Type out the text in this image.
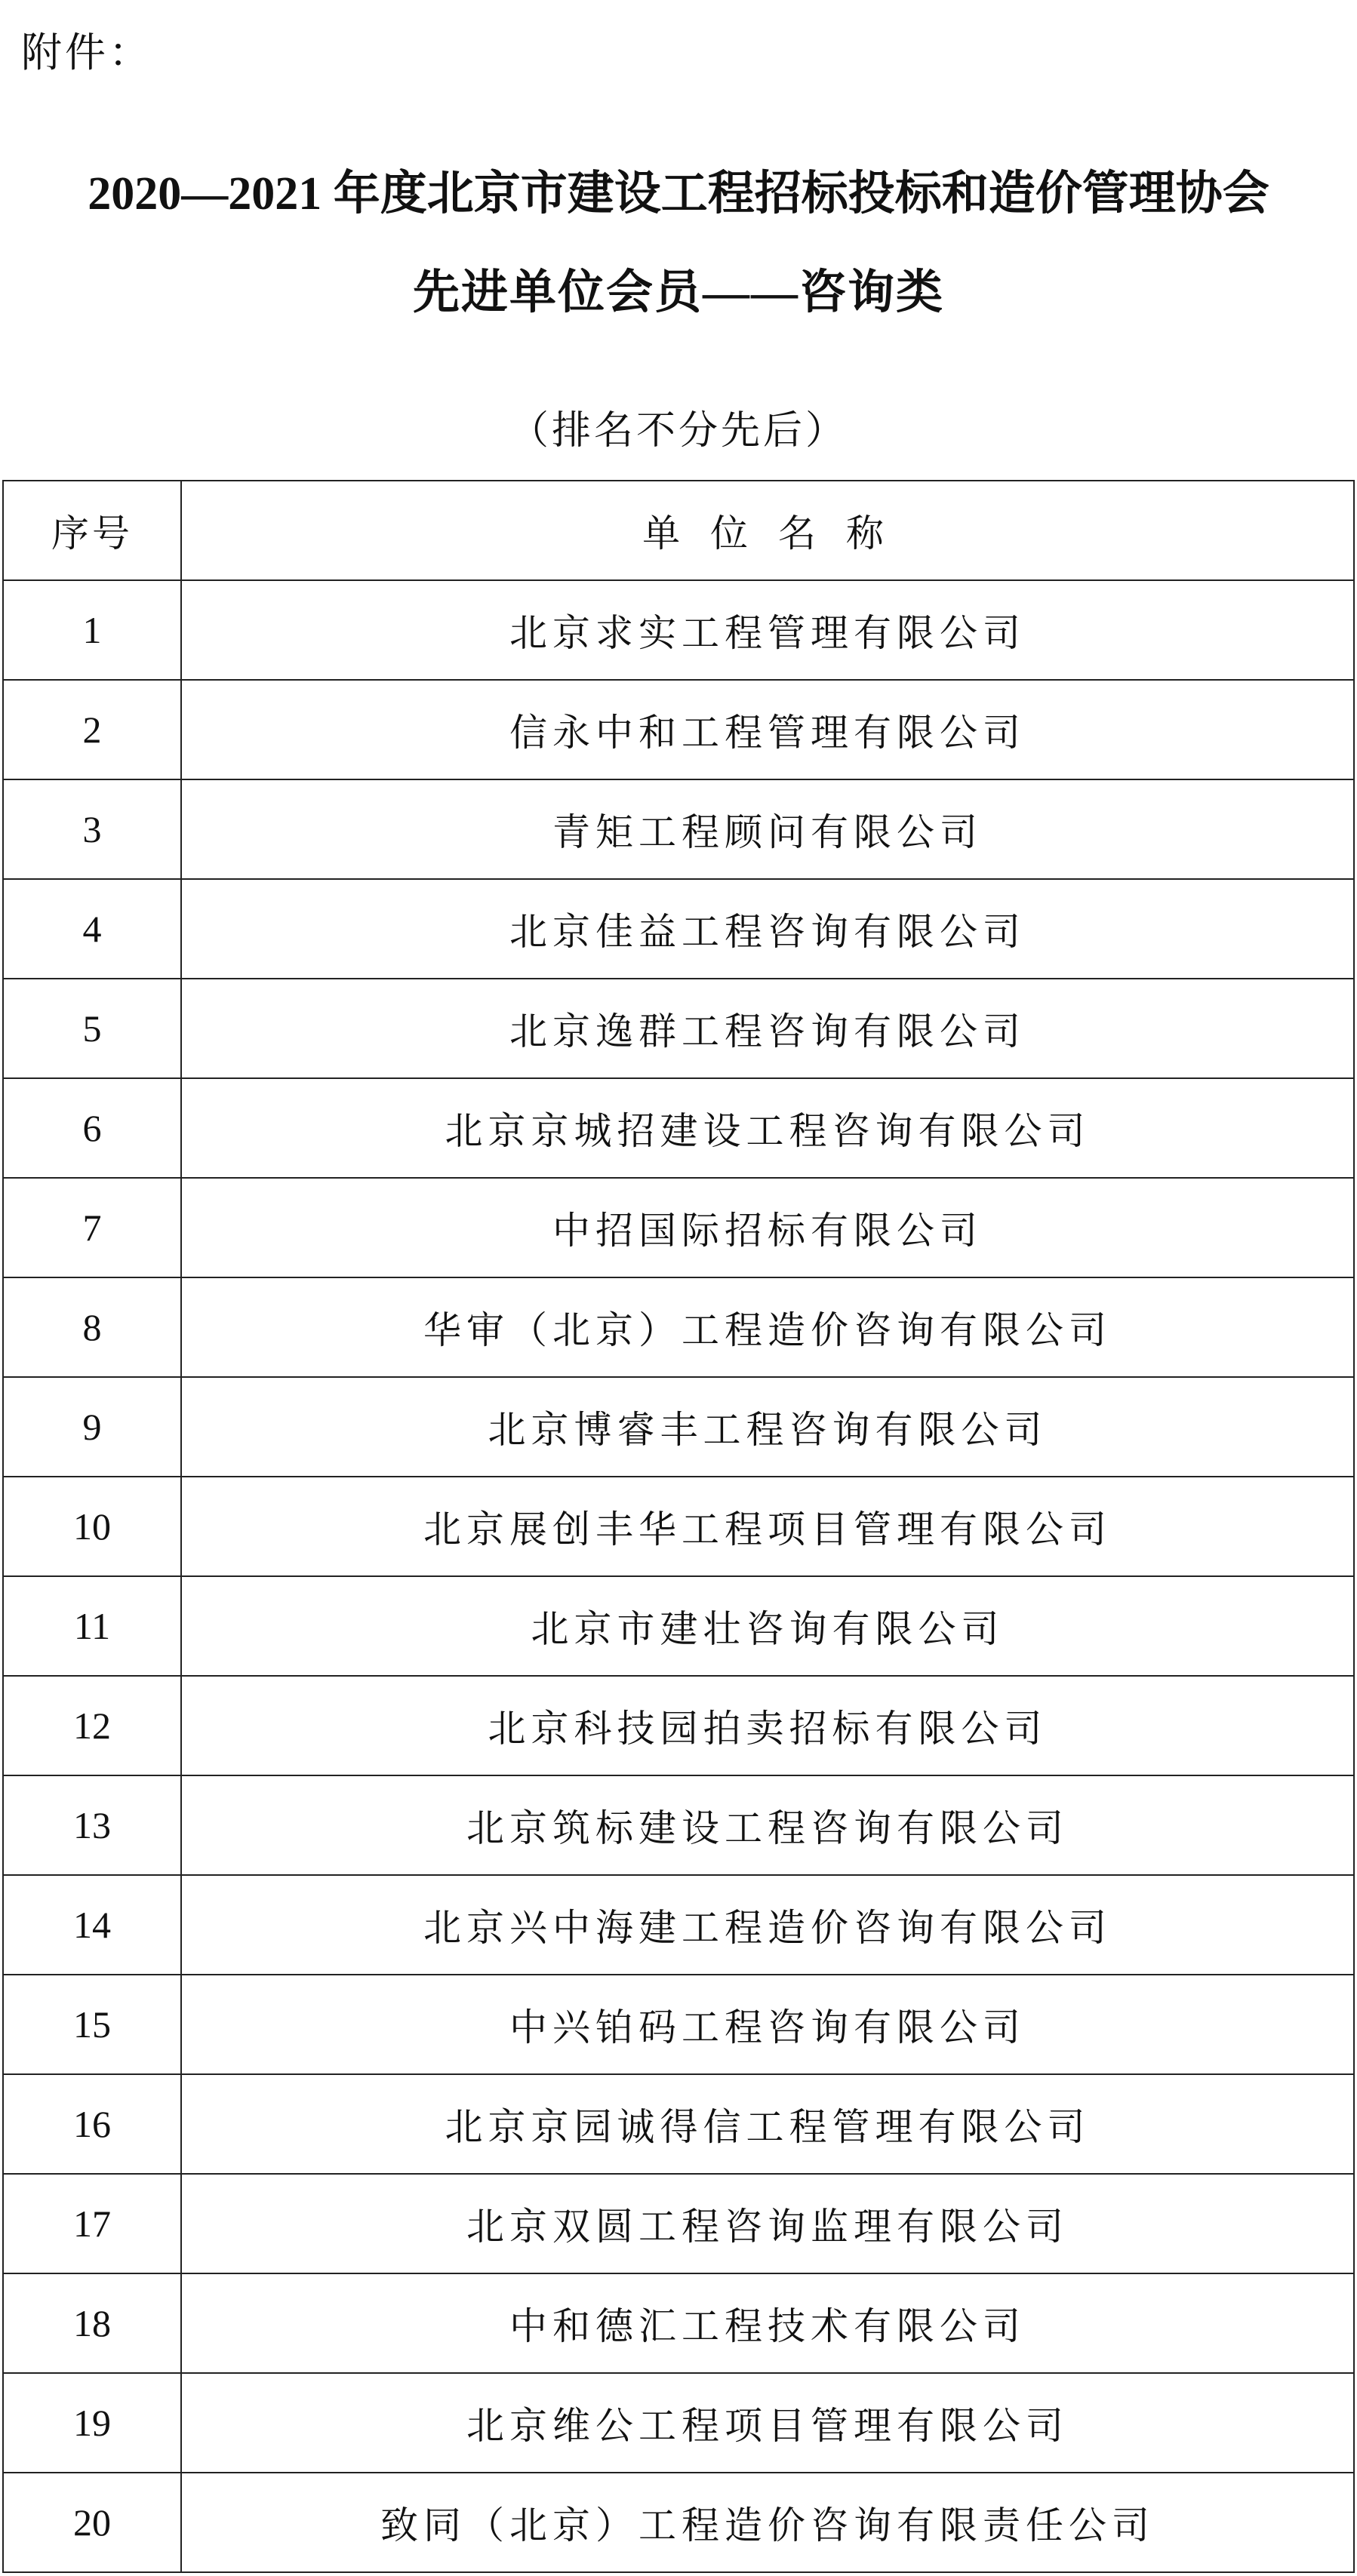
附件：
2020—2021 年度北京市建设工程招标投标和造价管理协会
先进单位会员——咨询类
（排名不分先后）
序号	单 位 名 称
1	北京求实工程管理有限公司
2	信永中和工程管理有限公司
3	青矩工程顾问有限公司
4	北京佳益工程咨询有限公司
5	北京逸群工程咨询有限公司
6	北京京城招建设工程咨询有限公司
7	中招国际招标有限公司
8	华审（北京）工程造价咨询有限公司
9	北京博睿丰工程咨询有限公司
10	北京展创丰华工程项目管理有限公司
11	北京市建壮咨询有限公司
12	北京科技园拍卖招标有限公司
13	北京筑标建设工程咨询有限公司
14	北京兴中海建工程造价咨询有限公司
15	中兴铂码工程咨询有限公司
16	北京京园诚得信工程管理有限公司
17	北京双圆工程咨询监理有限公司
18	中和德汇工程技术有限公司
19	北京维公工程项目管理有限公司
20	致同（北京）工程造价咨询有限责任公司
